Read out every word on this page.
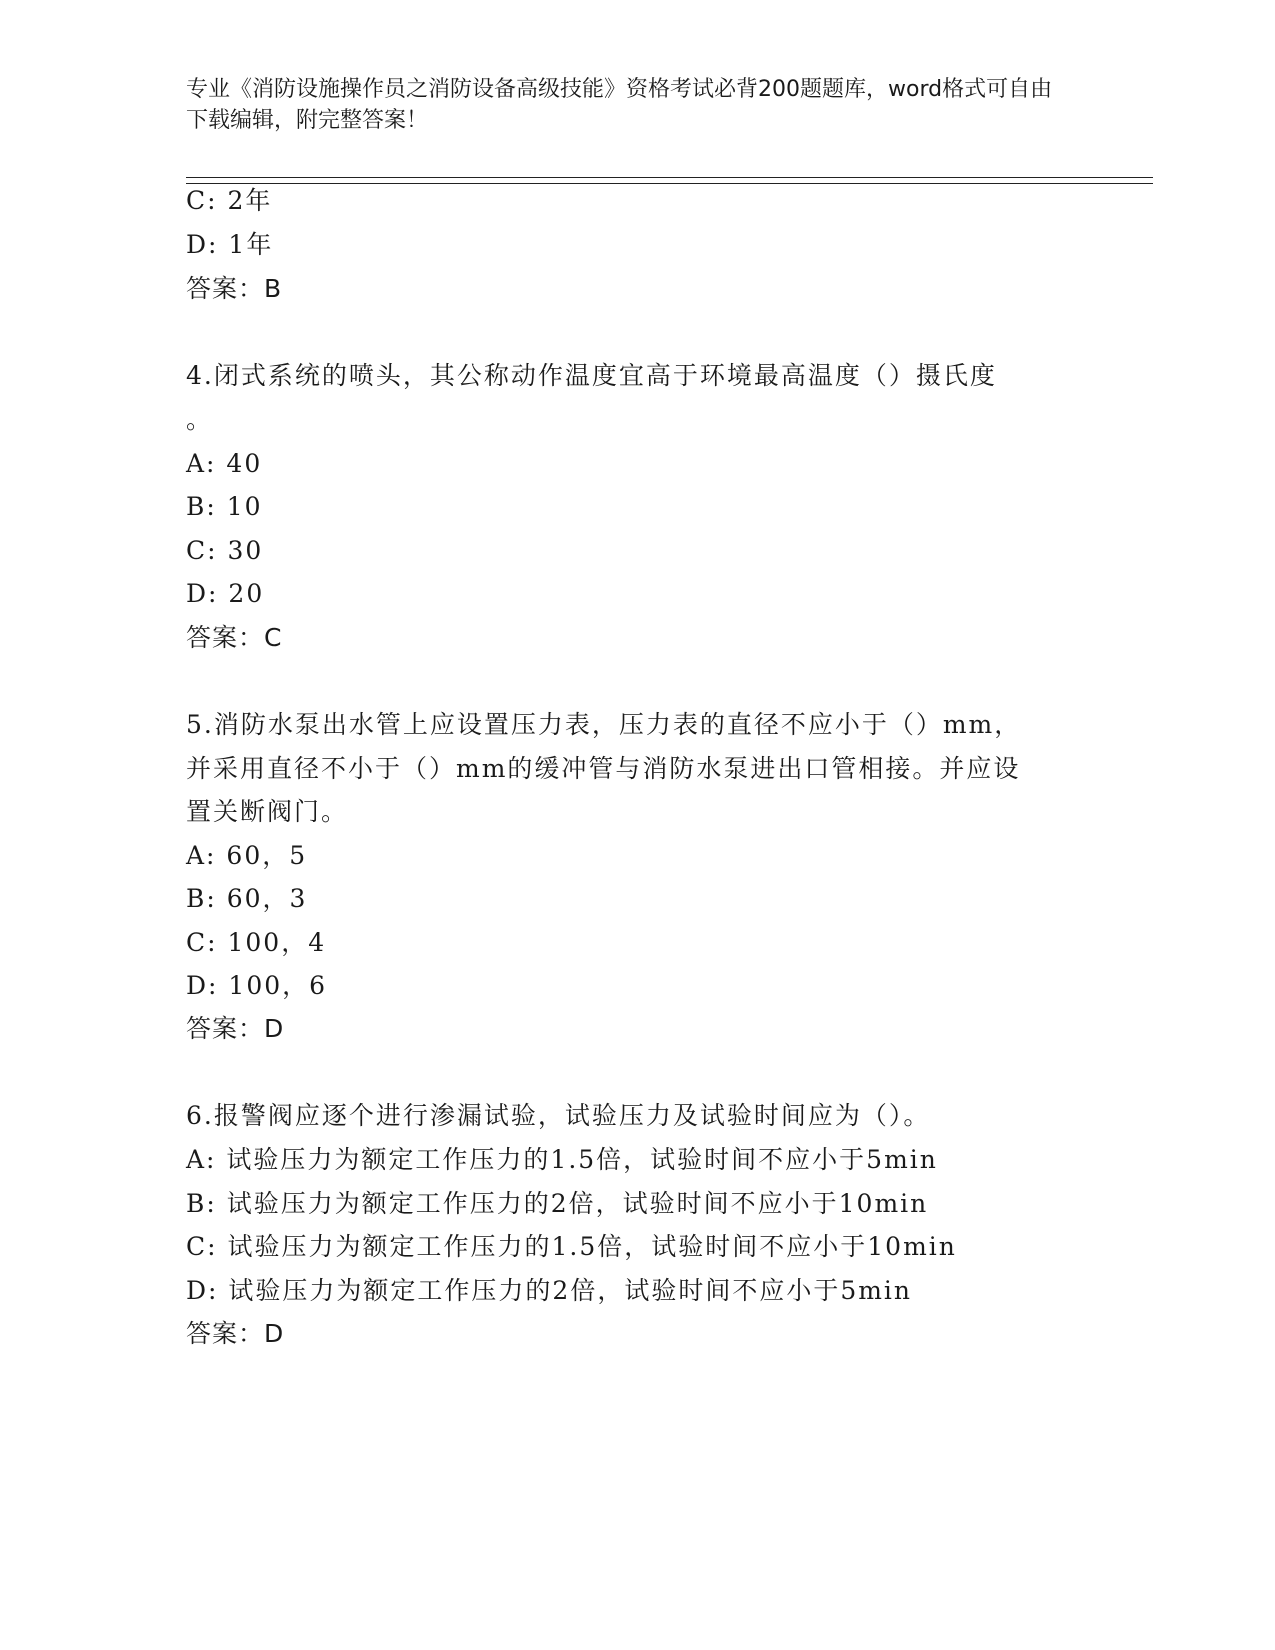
专业《消防设施操作员之消防设备高级技能》资格考试必背200题题库，word格式可自由下载编辑，附完整答案！
C: 2年
D: 1年
答案：B
4.闭式系统的喷头，其公称动作温度宜高于环境最高温度（）摄氏度
。
A: 40
B: 10
C: 30
D: 20
答案：C
5.消防水泵出水管上应设置压力表，压力表的直径不应小于（）mm，
并采用直径不小于（）mm的缓冲管与消防水泵进出口管相接。并应设
置关断阀门。
A: 60，5
B: 60，3
C: 100，4
D: 100，6
答案：D
6.报警阀应逐个进行渗漏试验，试验压力及试验时间应为（）。
A: 试验压力为额定工作压力的1.5倍，试验时间不应小于5min
B: 试验压力为额定工作压力的2倍，试验时间不应小于10min
C: 试验压力为额定工作压力的1.5倍，试验时间不应小于10min
D: 试验压力为额定工作压力的2倍，试验时间不应小于5min
答案：D
